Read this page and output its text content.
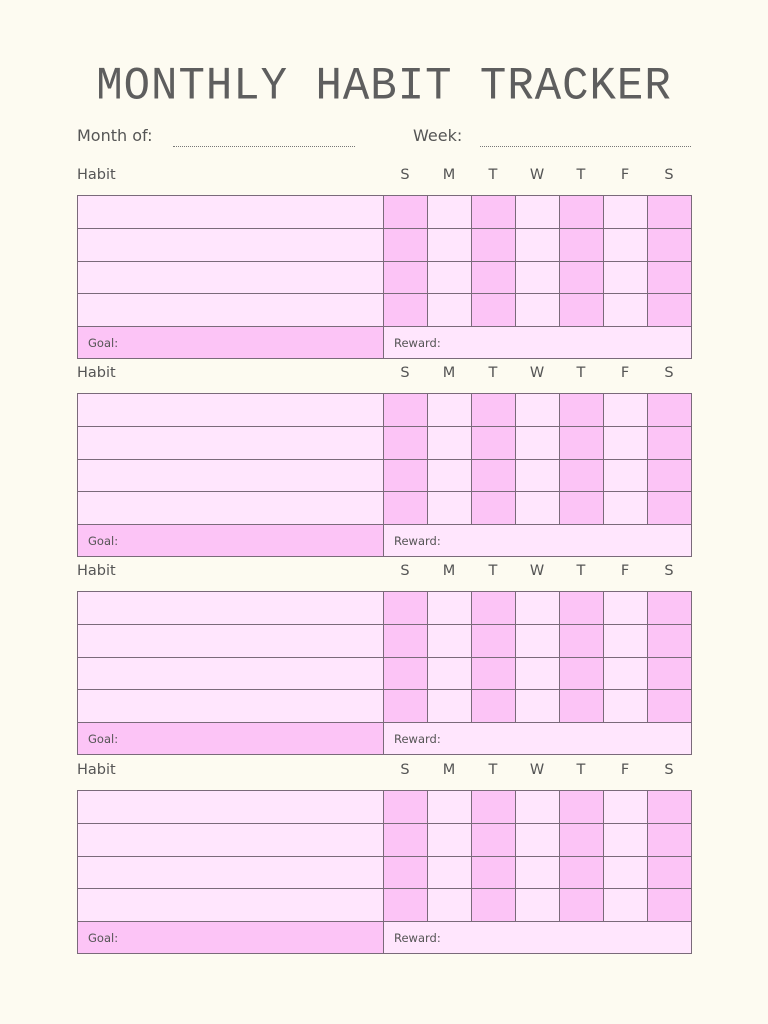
MONTHLY HABIT TRACKER
Month of:	Week:
Habit	S	M	T	W	T	F	S

Goal:	Reward:						
Habit	S	M	T	W	T	F	S

Goal:	Reward:						
Habit	S	M	T	W	T	F	S

Goal:	Reward:						
Habit	S	M	T	W	T	F	S

Goal:	Reward:						
